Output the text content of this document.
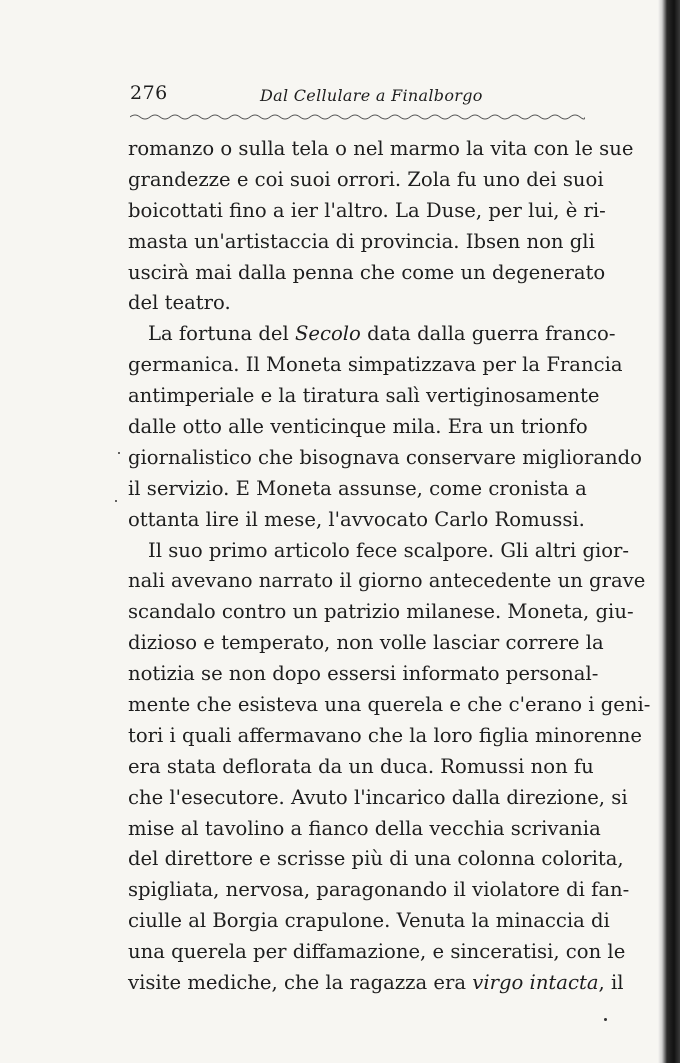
276	Dal Cellulare a Finalborgo
romanzo o sulla tela o nel marmo la vita con le sue
grandezze e coi suoi orrori. Zola fu uno dei suoi
boicottati fino a ier l'altro. La Duse, per lui, è ri-
masta un'artistaccia di provincia. Ibsen non gli
uscirà mai dalla penna che come un degenerato
del teatro.
La fortuna del Secolo data dalla guerra franco-
germanica. Il Moneta simpatizzava per la Francia
antimperiale e la tiratura salì vertiginosamente
dalle otto alle venticinque mila. Era un trionfo
giornalistico che bisognava conservare migliorando
il servizio. E Moneta assunse, come cronista a
ottanta lire il mese, l'avvocato Carlo Romussi.
Il suo primo articolo fece scalpore. Gli altri gior-
nali avevano narrato il giorno antecedente un grave
scandalo contro un patrizio milanese. Moneta, giu-
dizioso e temperato, non volle lasciar correre la
notizia se non dopo essersi informato personal-
mente che esisteva una querela e che c'erano i geni-
tori i quali affermavano che la loro figlia minorenne
era stata deflorata da un duca. Romussi non fu
che l'esecutore. Avuto l'incarico dalla direzione, si
mise al tavolino a fianco della vecchia scrivania
del direttore e scrisse più di una colonna colorita,
spigliata, nervosa, paragonando il violatore di fan-
ciulle al Borgia crapulone. Venuta la minaccia di
una querela per diffamazione, e sinceratisi, con le
visite mediche, che la ragazza era virgo intacta, il
